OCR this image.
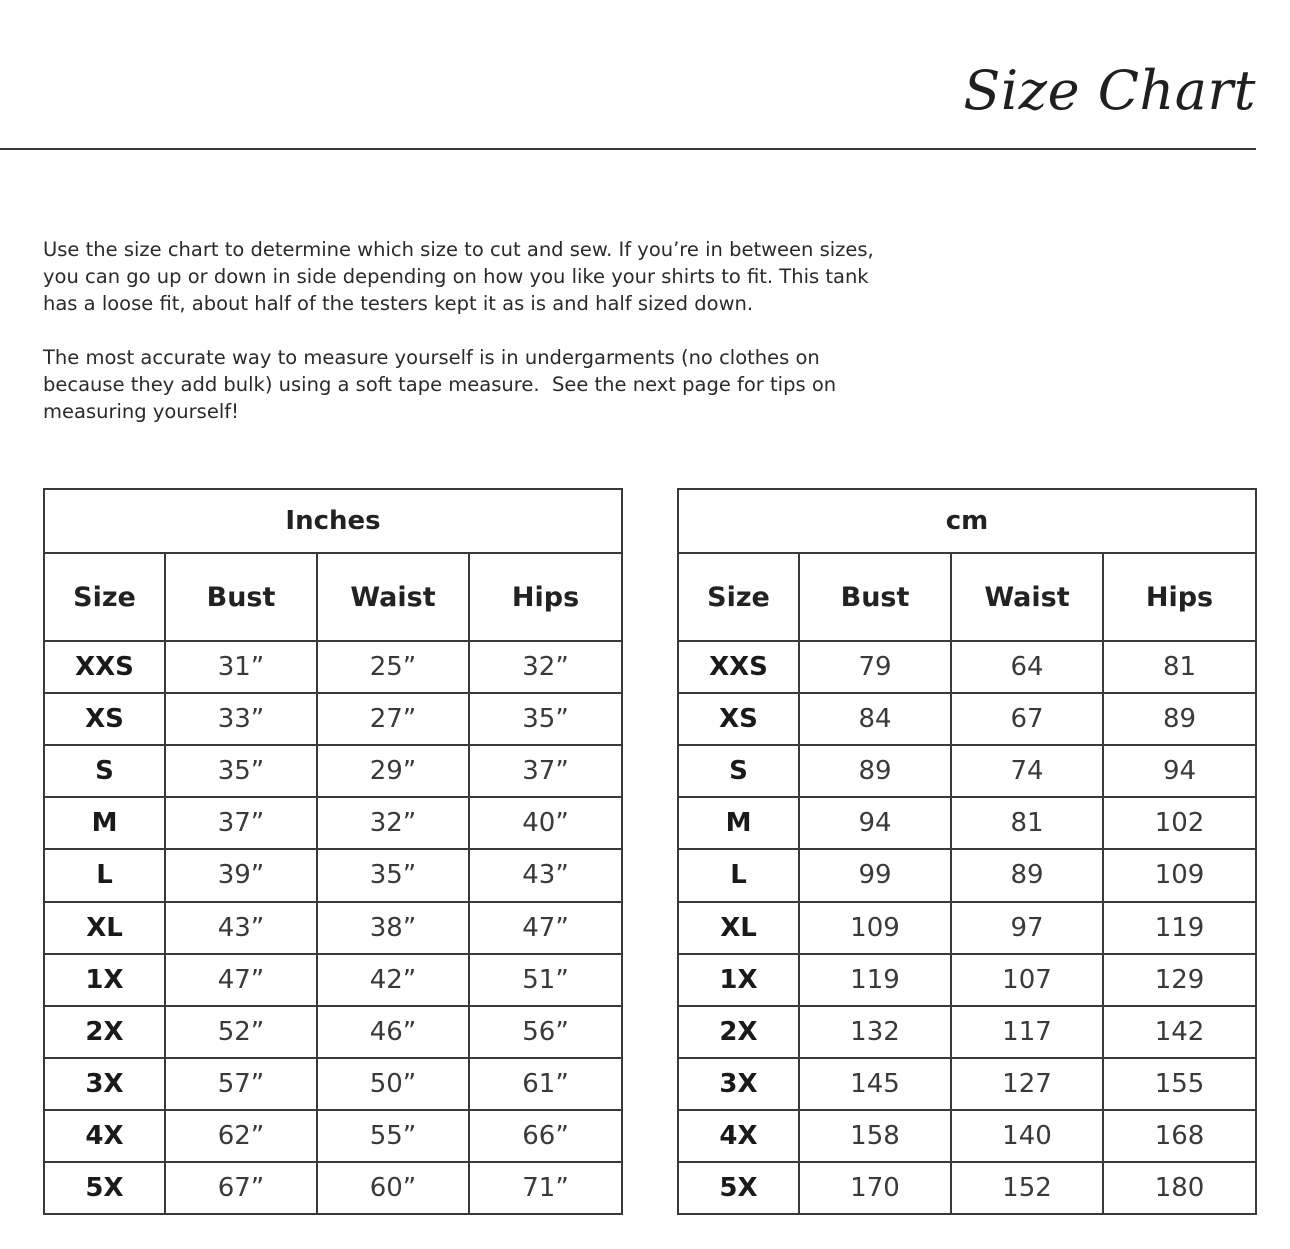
Size Chart

Use the size chart to determine which size to cut and sew. If you’re in between sizes, you can go up or down in side depending on how you like your shirts to fit. This tank has a loose fit, about half of the testers kept it as is and half sized down.

The most accurate way to measure yourself is in undergarments (no clothes on because they add bulk) using a soft tape measure.  See the next page for tips on measuring yourself!

Inches			
Size	Bust	Waist	Hips
XXS	31”	25”	32”
XS	33”	27”	35”
S	35”	29”	37”
M	37”	32”	40”
L	39”	35”	43”
XL	43”	38”	47”
1X	47”	42”	51”
2X	52”	46”	56”
3X	57”	50”	61”
4X	62”	55”	66”
5X	67”	60”	71”
cm			
Size	Bust	Waist	Hips
XXS	79	64	81
XS	84	67	89
S	89	74	94
M	94	81	102
L	99	89	109
XL	109	97	119
1X	119	107	129
2X	132	117	142
3X	145	127	155
4X	158	140	168
5X	170	152	180
